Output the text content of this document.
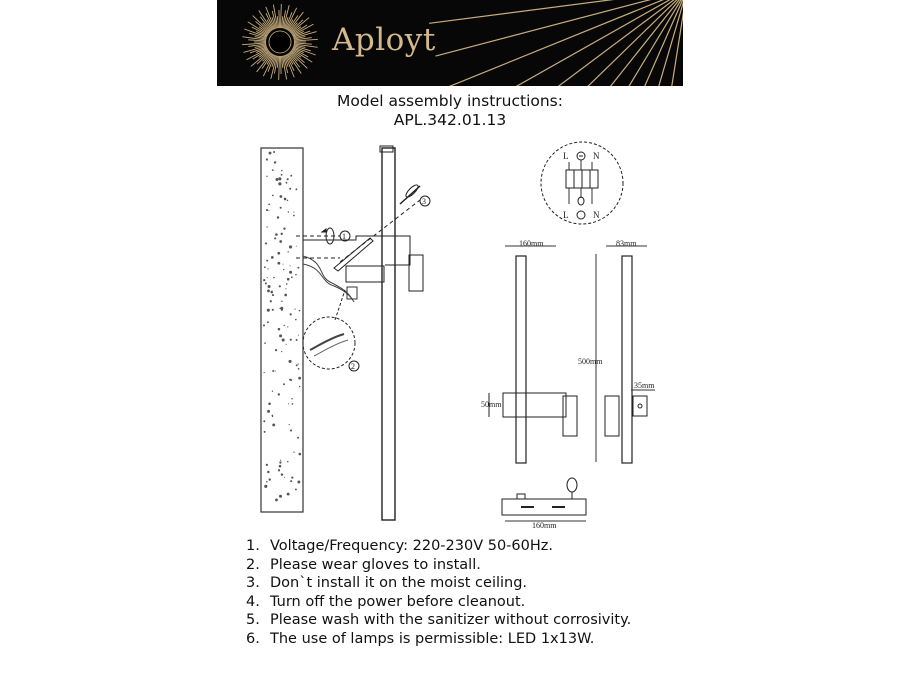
Aployt
Model assembly instructions:
APL.342.01.13
1
3
2
L	N
L	N
160mm
50mm
500mm
83mm
35mm
160mm
1. Voltage/Frequency: 220-230V 50-60Hz.
2. Please wear gloves to install.
3. Don`t install it on the moist ceiling.
4. Turn off the power before cleanout.
5. Please wash with the sanitizer without corrosivity.
6. The use of lamps is permissible: LED 1x13W.
